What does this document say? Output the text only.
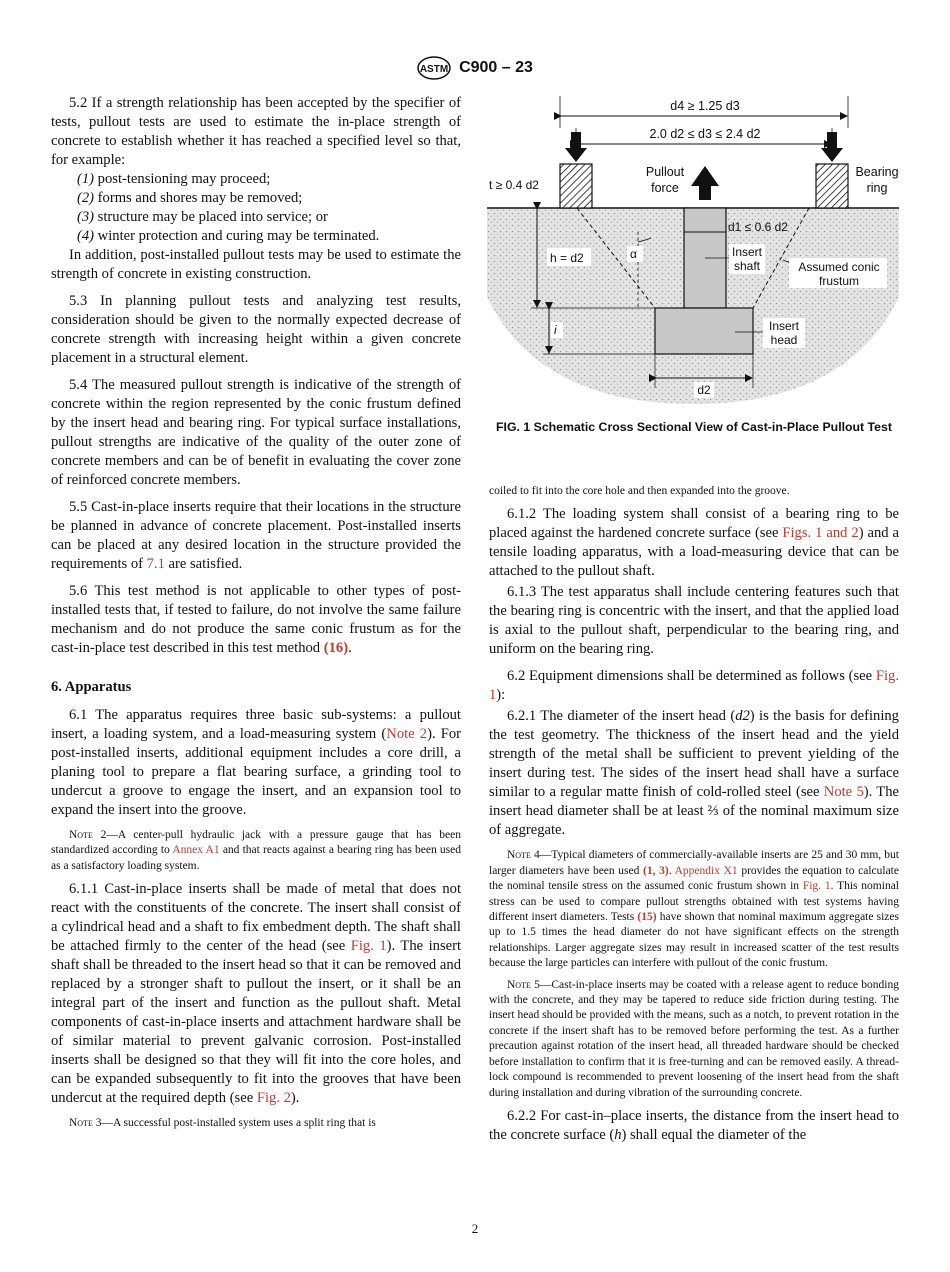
ASTM C900 – 23

5.2 If a strength relationship has been accepted by the specifier of tests, pullout tests are used to estimate the in-place strength of concrete to establish whether it has reached a specified level so that, for example:

(1) post-tensioning may proceed;
(2) forms and shores may be removed;
(3) structure may be placed into service; or
(4) winter protection and curing may be terminated.

In addition, post-installed pullout tests may be used to estimate the strength of concrete in existing construction.

5.3 In planning pullout tests and analyzing test results, consideration should be given to the normally expected decrease of concrete strength with increasing height within a given concrete placement in a structural element.

5.4 The measured pullout strength is indicative of the strength of concrete within the region represented by the conic frustum defined by the insert head and bearing ring. For typical surface installations, pullout strengths are indicative of the quality of the outer zone of concrete members and can be of benefit in evaluating the cover zone of reinforced concrete members.

5.5 Cast-in-place inserts require that their locations in the structure be planned in advance of concrete placement. Post-installed inserts can be placed at any desired location in the structure provided the requirements of 7.1 are satisfied.

5.6 This test method is not applicable to other types of post-installed tests that, if tested to failure, do not involve the same failure mechanism and do not produce the same conic frustum as for the cast-in-place test described in this test method (16).

6. Apparatus

6.1 The apparatus requires three basic sub-systems: a pullout insert, a loading system, and a load-measuring system (Note 2). For post-installed inserts, additional equipment includes a core drill, a planing tool to prepare a flat bearing surface, a grinding tool to undercut a groove to engage the insert, and an expansion tool to expand the insert into the groove.

Note 2—A center-pull hydraulic jack with a pressure gauge that has been standardized according to Annex A1 and that reacts against a bearing ring has been used as a satisfactory loading system.

6.1.1 Cast-in-place inserts shall be made of metal that does not react with the constituents of the concrete. The insert shall consist of a cylindrical head and a shaft to fix embedment depth. The shaft shall be attached firmly to the center of the head (see Fig. 1). The insert shaft shall be threaded to the insert head so that it can be removed and replaced by a stronger shaft to pullout the insert, or it shall be an integral part of the insert and function as the pullout shaft. Metal components of cast-in-place inserts and attachment hardware shall be of similar material to prevent galvanic corrosion. Post-installed inserts shall be designed so that they will fit into the core holes, and can be expanded subsequently to fit into the grooves that have been undercut at the required depth (see Fig. 2).

Note 3—A successful post-installed system uses a split ring that is

d4 ≥ 1.25 d3
2.0 d2 ≤ d3 ≤ 2.4 d2
t ≥ 0.4 d2
Pullout
force
Bearing
ring
d1 ≤ 0.6 d2
h = d2	α	Insert
shaft	Assumed conic
frustum
i	Insert
head
d2
FIG. 1 Schematic Cross Sectional View of Cast-in-Place Pullout Test

coiled to fit into the core hole and then expanded into the groove.

6.1.2 The loading system shall consist of a bearing ring to be placed against the hardened concrete surface (see Figs. 1 and 2) and a tensile loading apparatus, with a load-measuring device that can be attached to the pullout shaft.

6.1.3 The test apparatus shall include centering features such that the bearing ring is concentric with the insert, and that the applied load is axial to the pullout shaft, perpendicular to the bearing ring, and uniform on the bearing ring.

6.2 Equipment dimensions shall be determined as follows (see Fig. 1):

6.2.1 The diameter of the insert head (d2) is the basis for defining the test geometry. The thickness of the insert head and the yield strength of the metal shall be sufficient to prevent yielding of the insert during test. The sides of the insert head shall have a surface similar to a regular matte finish of cold-rolled steel (see Note 5). The insert head diameter shall be at least ⅔ of the nominal maximum size of aggregate.

Note 4—Typical diameters of commercially-available inserts are 25 and 30 mm, but larger diameters have been used (1, 3). Appendix X1 provides the equation to calculate the nominal tensile stress on the assumed conic frustum shown in Fig. 1. This nominal stress can be used to compare pullout strengths obtained with test systems having different insert diameters. Tests (15) have shown that nominal maximum aggregate sizes up to 1.5 times the head diameter do not have significant effects on the strength relationships. Larger aggregate sizes may result in increased scatter of the test results because the large particles can interfere with pullout of the conic frustum.

Note 5—Cast-in-place inserts may be coated with a release agent to reduce bonding with the concrete, and they may be tapered to reduce side friction during testing. The insert head should be provided with the means, such as a notch, to prevent rotation in the concrete if the insert shaft has to be removed before performing the test. As a further precaution against rotation of the insert head, all threaded hardware should be checked before installation to confirm that it is free-turning and can be removed easily. A thread-lock compound is recommended to prevent loosening of the insert head from the shaft during installation and during vibration of the surrounding concrete.

6.2.2 For cast-in–place inserts, the distance from the insert head to the concrete surface (h) shall equal the diameter of the

2
